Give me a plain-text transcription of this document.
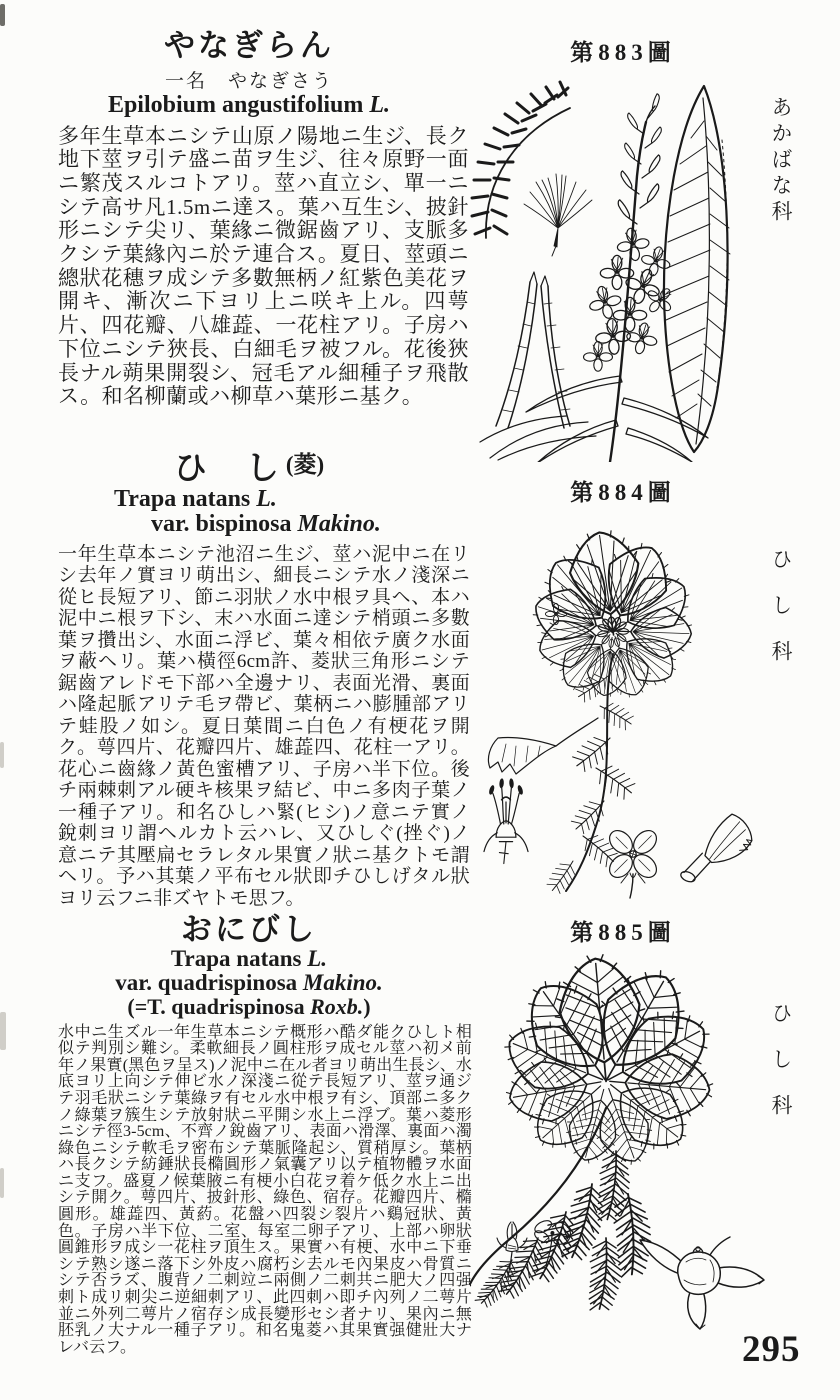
やなぎらん
一名　やなぎさう
Epilobium angustifolium L.

多年生草本ニシテ山原ノ陽地ニ生ジ、長ク地下莖ヲ引テ盛ニ苗ヲ生ジ、往々原野一面ニ繁茂スルコトアリ。莖ハ直立シ、單一ニシテ高サ凡1.5mニ達ス。葉ハ互生シ、披針形ニシテ尖リ、葉緣ニ微鋸齒アリ、支脈多クシテ葉緣內ニ於テ連合ス。夏日、莖頭ニ總狀花穗ヲ成シテ多數無柄ノ紅紫色美花ヲ開キ、漸次ニ下ヨリ上ニ咲キ上ル。四萼片、四花瓣、八雄蕋、一花柱アリ。子房ハ下位ニシテ狹長、白細毛ヲ被フル。花後狹長ナル蒴果開裂シ、冠毛アル細種子ヲ飛散ス。和名柳蘭或ハ柳草ハ葉形ニ基ク。

ひ　し $^{(菱)}$
Trapa natans L.
var. bispinosa Makino.

一年生草本ニシテ池沼ニ生ジ、莖ハ泥中ニ在リシ去年ノ實ヨリ萌出シ、細長ニシテ水ノ淺深ニ從ヒ長短アリ、節ニ羽狀ノ水中根ヲ具ヘ、本ハ泥中ニ根ヲ下シ、末ハ水面ニ達シテ梢頭ニ多數葉ヲ攢出シ、水面ニ浮ビ、葉々相依テ廣ク水面ヲ蔽ヘリ。葉ハ橫徑6cm許、菱狀三角形ニシテ鋸齒アレドモ下部ハ全邊ナリ、表面光滑、裏面ハ隆起脈アリテ毛ヲ帶ビ、葉柄ニハ膨腫部アリテ蛙股ノ如シ。夏日葉間ニ白色ノ有梗花ヲ開ク。萼四片、花瓣四片、雄蕋四、花柱一アリ。花心ニ齒緣ノ黃色蜜槽アリ、子房ハ半下位。後チ兩棘刺アル硬キ核果ヲ結ビ、中ニ多肉子葉ノ一種子アリ。和名ひしハ緊(ヒシ)ノ意ニテ實ノ銳刺ヨリ謂ヘルカト云ハレ、又ひしぐ(挫ぐ)ノ意ニテ其壓扁セラレタル果實ノ狀ニ基クトモ謂ヘリ。予ハ其葉ノ平布セル狀即チひしげタル狀ヨリ云フニ非ズヤトモ思フ。

おにびし
Trapa natans L.
var. quadrispinosa Makino.
(=T. quadrispinosa Roxb.)

水中ニ生ズル一年生草本ニシテ概形ハ酷ダ能クひしト相似テ判別シ難シ。柔軟細長ノ圓柱形ヲ成セル莖ハ初メ前年ノ果實(黑色ヲ呈ス)ノ泥中ニ在ル者ヨリ萌出生長シ、水底ヨリ上向シテ伸ビ水ノ深淺ニ從テ長短アリ、莖ヲ通ジテ羽毛狀ニシテ葉綠ヲ有セル水中根ヲ有シ、頂部ニ多クノ綠葉ヲ簇生シテ放射狀ニ平開シ水上ニ浮ブ。葉ハ菱形ニシテ徑3-5cm、不齊ノ銳齒アリ、表面ハ滑澤、裏面ハ濁綠色ニシテ軟毛ヲ密布シテ葉脈隆起シ、質稍厚シ。葉柄ハ長クシテ紡錘狀長橢圓形ノ氣囊アリ以テ植物體ヲ水面ニ支フ。盛夏ノ候葉腋ニ有梗小白花ヲ着ケ低ク水上ニ出シテ開ク。萼四片、披針形、綠色、宿存。花瓣四片、橢圓形。雄蕋四、黃葯。花盤ハ四裂シ裂片ハ鷄冠狀、黃色。子房ハ半下位、二室、每室二卵子アリ、上部ハ卵狀圓錐形ヲ成シ一花柱ヲ頂生ス。果實ハ有梗、水中ニ下垂シテ熟シ遂ニ落下シ外皮ハ腐朽シ去ルモ內果皮ハ骨質ニシテ否ラズ、腹背ノ二刺竝ニ兩側ノ二刺共ニ肥大ノ四强刺ト成リ刺尖ニ逆細刺アリ、此四刺ハ即チ內列ノ二萼片並ニ外列二萼片ノ宿存シ成長變形セシ者ナリ、果內ニ無胚乳ノ大ナル一種子アリ。和名鬼菱ハ其果實强健壯大ナレバ云フ。

第883圖
第884圖
第885圖
あかばな科
ひし科
ひし科
295
